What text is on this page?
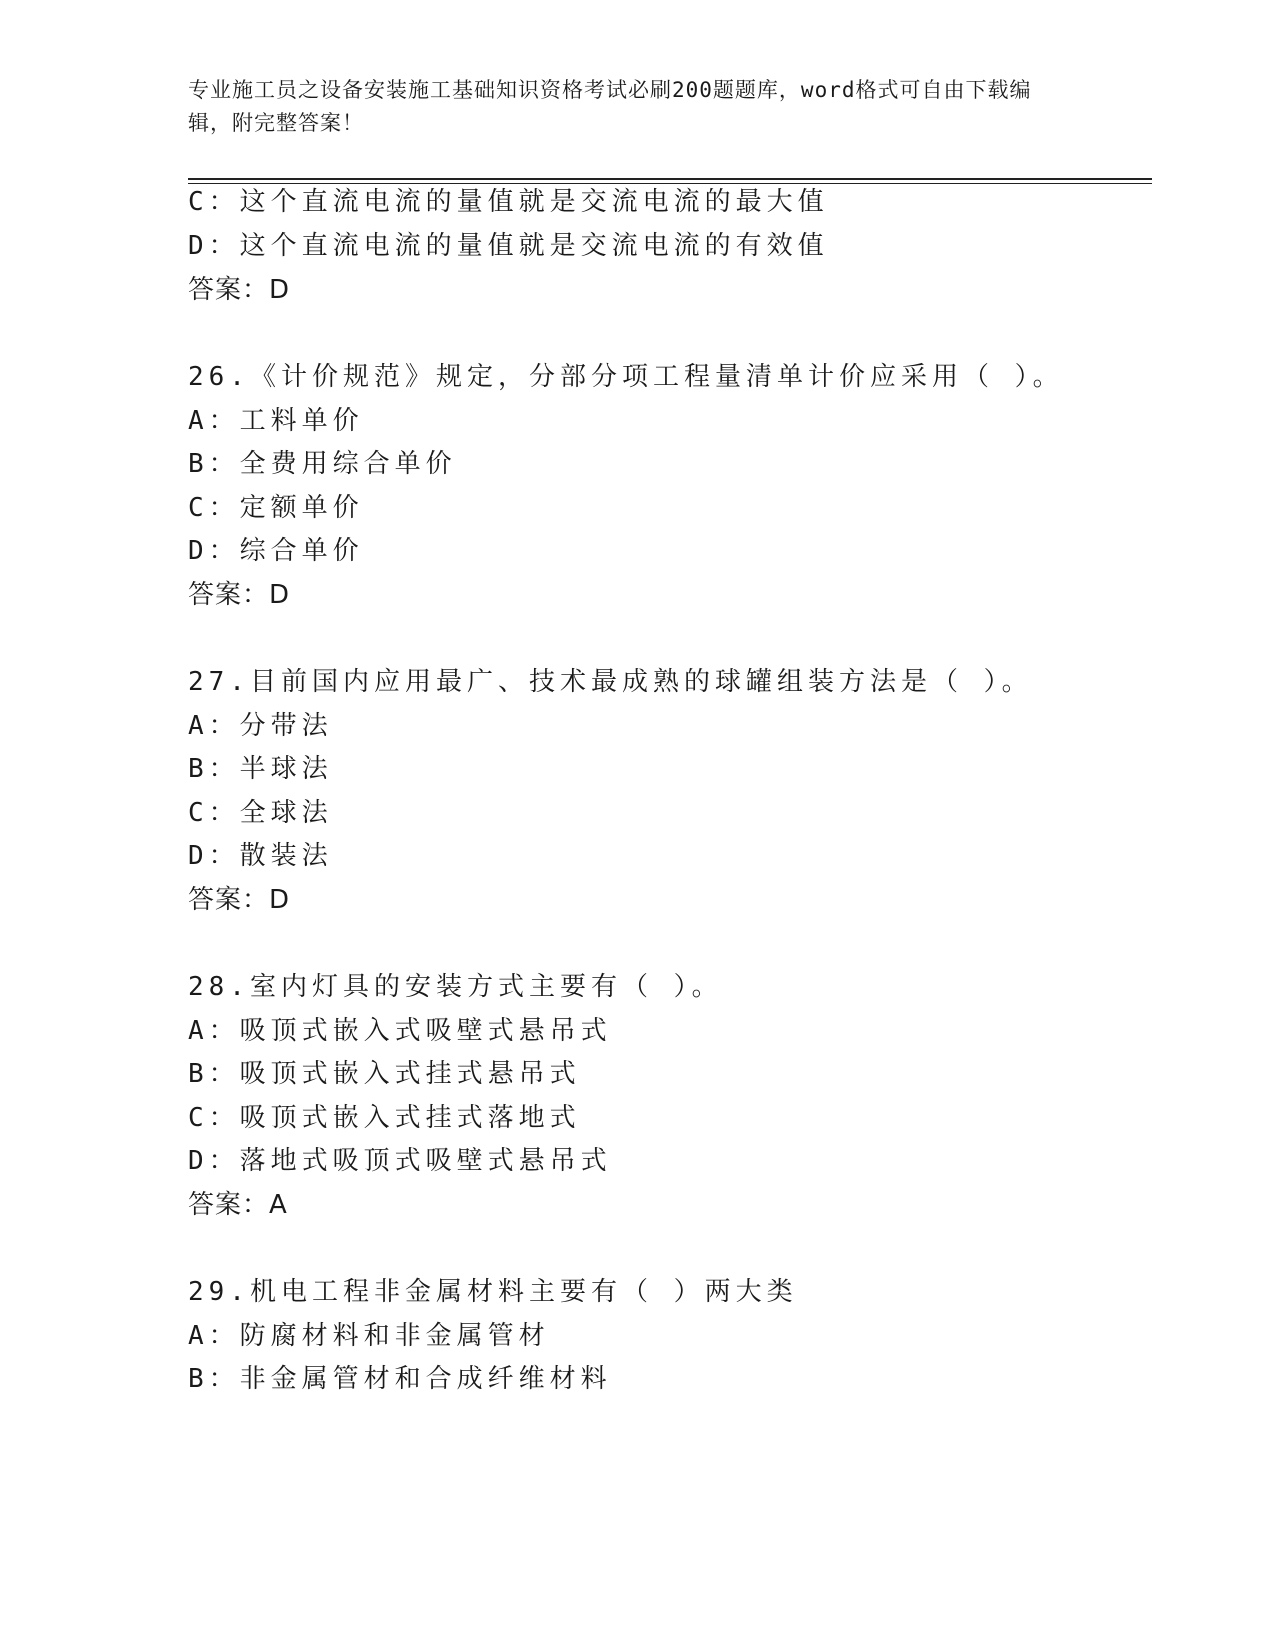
专业施工员之设备安装施工基础知识资格考试必刷200题题库，word格式可自由下载编辑，附完整答案！
C：这个直流电流的量值就是交流电流的最大值
D：这个直流电流的量值就是交流电流的有效值
答案：D
26.《计价规范》规定，分部分项工程量清单计价应采用（ ）。
A：工料单价
B：全费用综合单价
C：定额单价
D：综合单价
答案：D
27.目前国内应用最广、技术最成熟的球罐组装方法是（ ）。
A：分带法
B：半球法
C：全球法
D：散装法
答案：D
28.室内灯具的安装方式主要有（ ）。
A：吸顶式嵌入式吸壁式悬吊式
B：吸顶式嵌入式挂式悬吊式
C：吸顶式嵌入式挂式落地式
D：落地式吸顶式吸壁式悬吊式
答案：A
29.机电工程非金属材料主要有（ ）两大类
A：防腐材料和非金属管材
B：非金属管材和合成纤维材料
